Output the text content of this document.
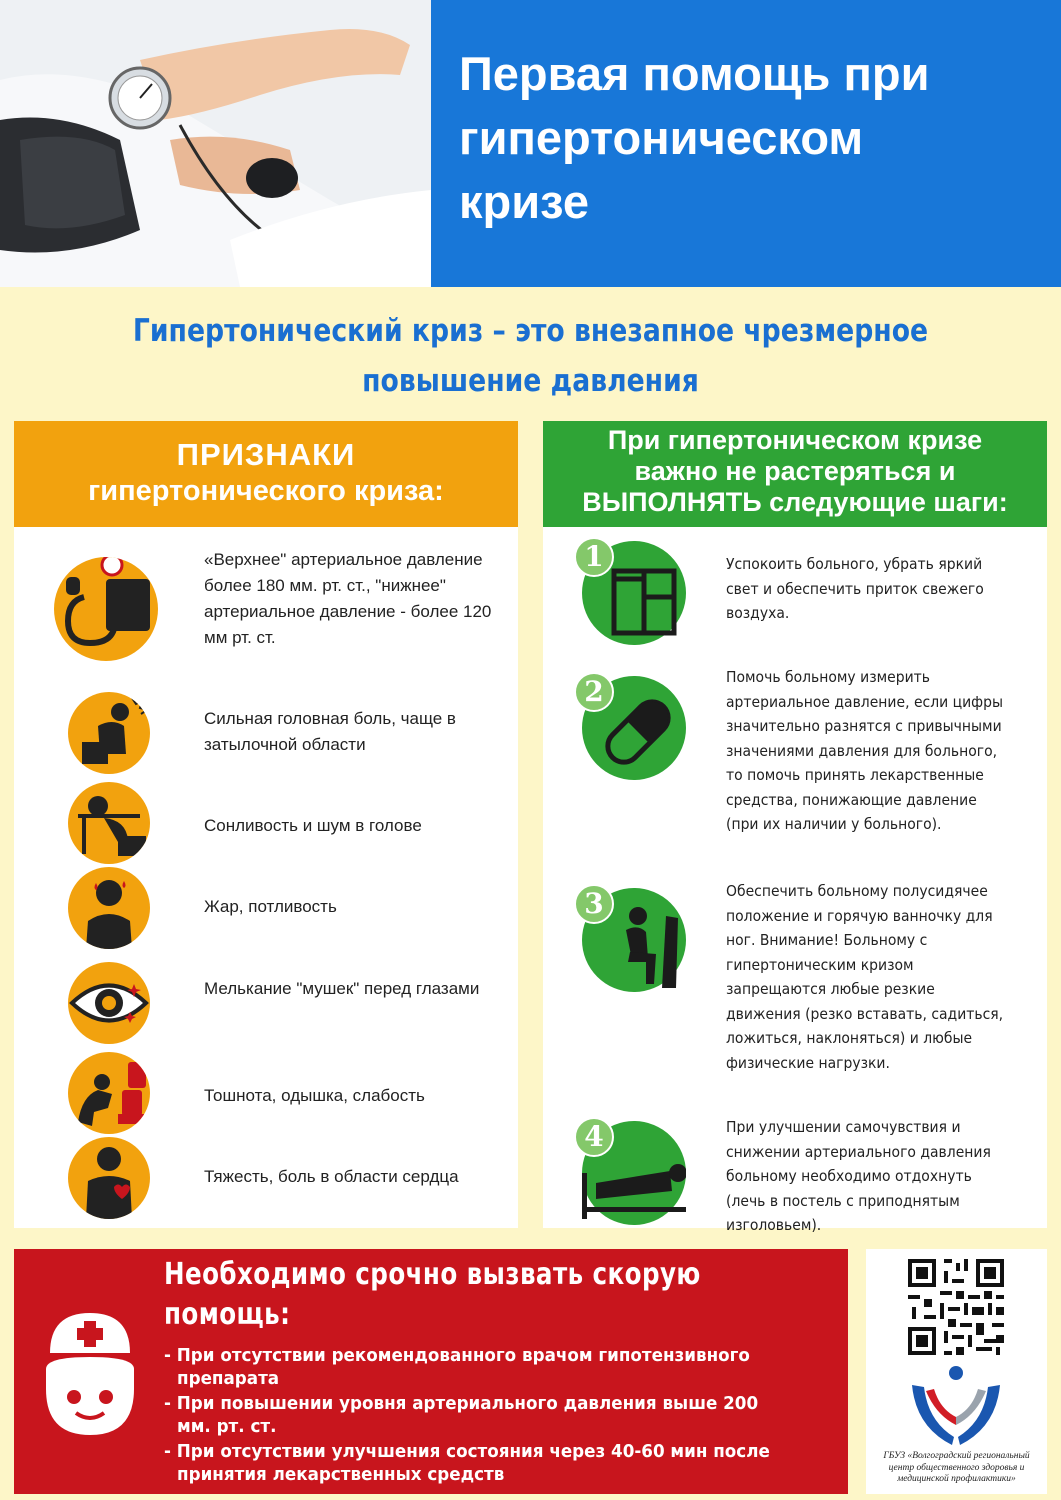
Первая помощь при
гипертоническом
кризе
Гипертонический криз – это внезапное чрезмерное
повышение давления
ПРИЗНАКИ
гипертонического криза:
«Верхнее" артериальное давление более 180 мм. рт. ст., "нижнее" артериальное давление - более 120 мм рт. ст.
Сильная головная боль, чаще в затылочной области
Сонливость и шум в голове
Жар, потливость
Мелькание "мушек" перед глазами
Тошнота, одышка, слабость
Тяжесть, боль в области сердца
При гипертоническом кризе
важно не растеряться и
ВЫПОЛНЯТЬ следующие шаги:
1	Успокоить больного, убрать яркий свет и обеспечить приток свежего воздуха.
2	Помочь больному измерить артериальное давление, если цифры значительно разнятся с привычными значениями давления для больного, то помочь принять лекарственные средства, понижающие давление (при их наличии у больного).
3	Обеспечить больному полусидячее положение и горячую ванночку для ног. Внимание! Больному с гипертоническим кризом запрещаются любые резкие движения (резко вставать, садиться, ложиться, наклоняться) и любые физические нагрузки.
4	При улучшении самочувствия и снижении артериального давления больному необходимо отдохнуть (лечь в постель с приподнятым изголовьем).
Необходимо срочно вызвать скорую
помощь:
- При отсутствии рекомендованного врачом гипотензивного препарата
- При повышении уровня артериального давления выше 200 мм. рт. ст.
- При отсутствии улучшения состояния через 40-60 мин после принятия лекарственных средств
ГБУЗ «Волгоградский региональный центр общественного здоровья и медицинской профилактики»
